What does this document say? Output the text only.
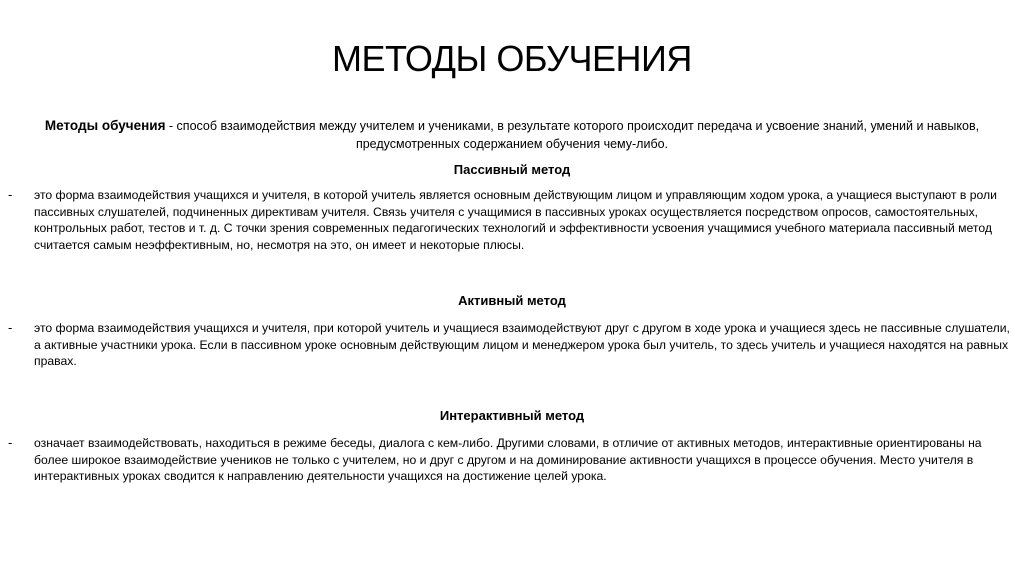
МЕТОДЫ ОБУЧЕНИЯ
Методы обучения - способ взаимодействия между учителем и учениками, в результате которого происходит передача и усвоение знаний, умений и навыков, предусмотренных содержанием обучения чему-либо.
Пассивный метод
- это форма взаимодействия учащихся и учителя, в которой учитель является основным действующим лицом и управляющим ходом урока, а учащиеся выступают в роли пассивных слушателей, подчиненных директивам учителя. Связь учителя с учащимися в пассивных уроках осуществляется посредством опросов, самостоятельных, контрольных работ, тестов и т. д. С точки зрения современных педагогических технологий и эффективности усвоения учащимися учебного материала пассивный метод считается самым неэффективным, но, несмотря на это, он имеет и некоторые плюсы.
Активный метод
- это форма взаимодействия учащихся и учителя, при которой учитель и учащиеся взаимодействуют друг с другом в ходе урока и учащиеся здесь не пассивные слушатели, а активные участники урока. Если в пассивном уроке основным действующим лицом и менеджером урока был учитель, то здесь учитель и учащиеся находятся на равных правах.
Интерактивный метод
- означает взаимодействовать, находиться в режиме беседы, диалога с кем-либо. Другими словами, в отличие от активных методов, интерактивные ориентированы на более широкое взаимодействие учеников не только с учителем, но и друг с другом и на доминирование активности учащихся в процессе обучения. Место учителя в интерактивных уроках сводится к направлению деятельности учащихся на достижение целей урока.
